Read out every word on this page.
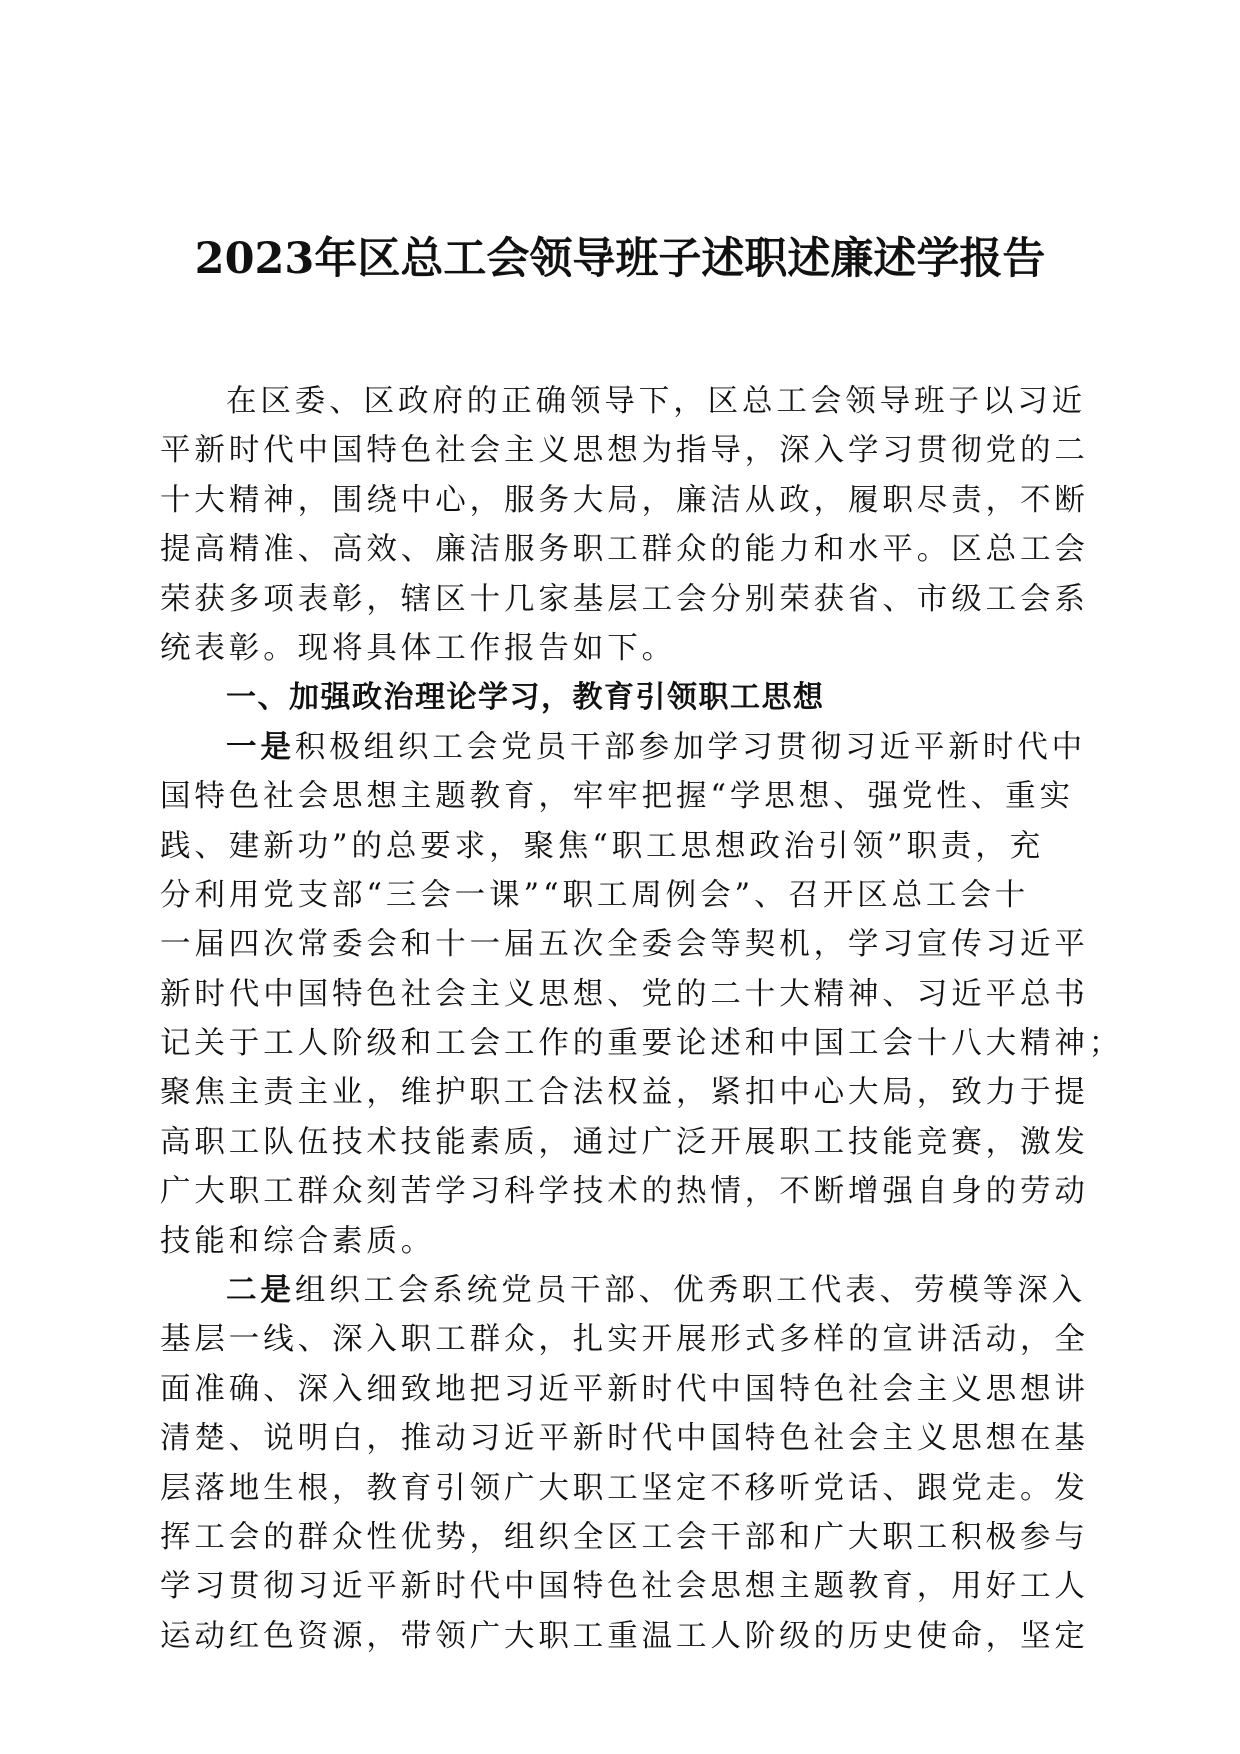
2023年区总工会领导班子述职述廉述学报告
在区委、区政府的正确领导下，区总工会领导班子以习近
平新时代中国特色社会主义思想为指导，深入学习贯彻党的二
十大精神，围绕中心，服务大局，廉洁从政，履职尽责，不断
提高精准、高效、廉洁服务职工群众的能力和水平。区总工会
荣获多项表彰，辖区十几家基层工会分别荣获省、市级工会系
统表彰。现将具体工作报告如下。
一、加强政治理论学习，教育引领职工思想
一是积极组织工会党员干部参加学习贯彻习近平新时代中
国特色社会思想主题教育，牢牢把握“学思想、强党性、重实
践、建新功”的总要求，聚焦“职工思想政治引领”职责，充
分利用党支部“三会一课”“职工周例会”、召开区总工会十
一届四次常委会和十一届五次全委会等契机，学习宣传习近平
新时代中国特色社会主义思想、党的二十大精神、习近平总书
记关于工人阶级和工会工作的重要论述和中国工会十八大精神；
聚焦主责主业，维护职工合法权益，紧扣中心大局，致力于提
高职工队伍技术技能素质，通过广泛开展职工技能竞赛，激发
广大职工群众刻苦学习科学技术的热情，不断增强自身的劳动
技能和综合素质。
二是组织工会系统党员干部、优秀职工代表、劳模等深入
基层一线、深入职工群众，扎实开展形式多样的宣讲活动，全
面准确、深入细致地把习近平新时代中国特色社会主义思想讲
清楚、说明白，推动习近平新时代中国特色社会主义思想在基
层落地生根，教育引领广大职工坚定不移听党话、跟党走。发
挥工会的群众性优势，组织全区工会干部和广大职工积极参与
学习贯彻习近平新时代中国特色社会思想主题教育，用好工人
运动红色资源，带领广大职工重温工人阶级的历史使命，坚定
